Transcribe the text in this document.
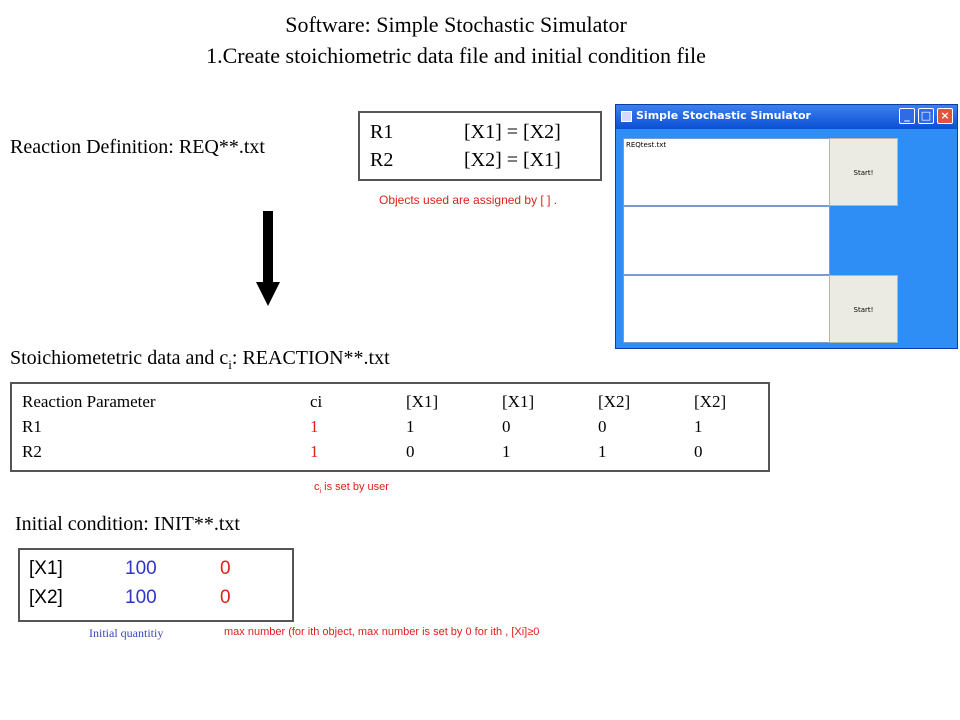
Software: Simple Stochastic Simulator
1.Create stoichiometric data file and initial condition file
Reaction Definition: REQ**.txt
R1	[X1] = [X2]
R2	[X2] = [X1]
Objects used are assigned by [ ] .
Stoichiometetric data and $c_i$: REACTION**.txt
Reaction Parameter	ci	[X1]	[X1]	[X2]	[X2]
R1	1	1	0	0	1
R2	1	0	1	1	0
$c_i$ is set by user
Initial condition: INIT**.txt
[X1]	100	0
[X2]	100	0
Initial quantitiy	max number (for ith object, max number is set by 0 for ith , [Xi]≥0
Simple Stochastic Simulator	_	□ ×
REQtest.txt
Start!
Start!
